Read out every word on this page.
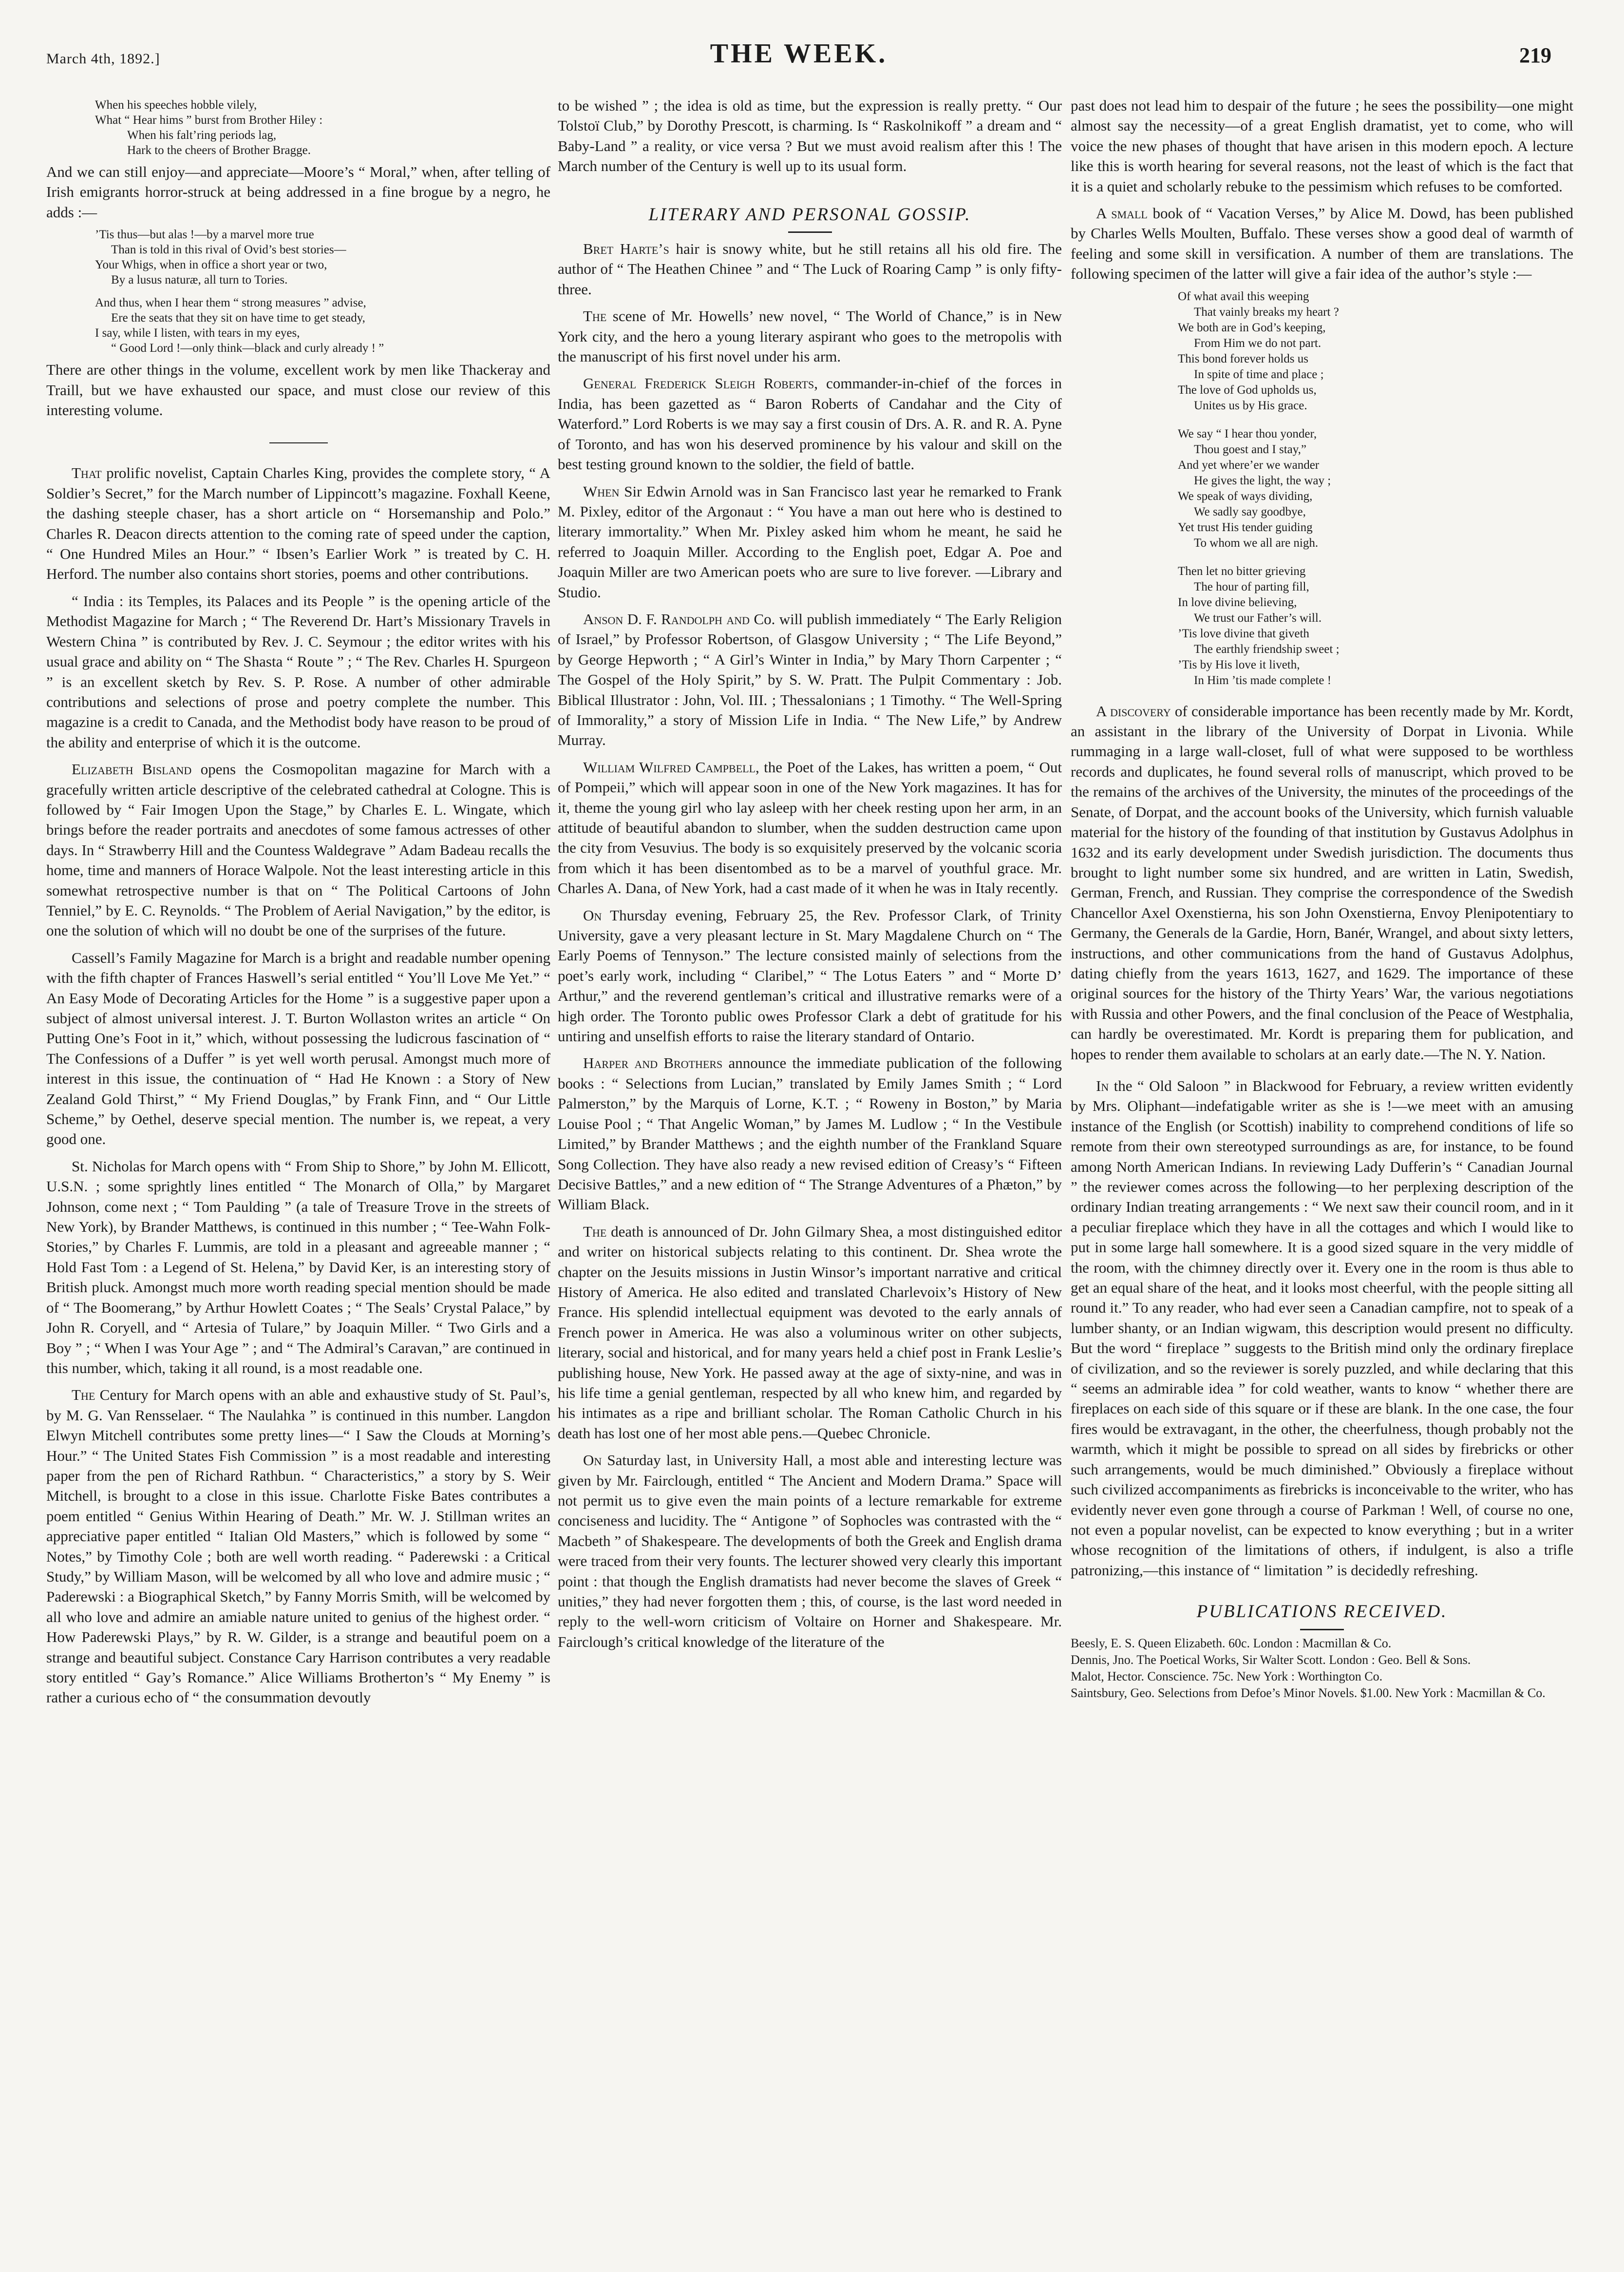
March 4th, 1892.]	THE WEEK.	219
When his speeches hobble vilely,
What “ Hear hims ” burst from Brother Hiley :
When his falt’ring periods lag,
Hark to the cheers of Brother Bragge.

And we can still enjoy—and appreciate—Moore’s “ Moral,” when, after telling of Irish emigrants horror-struck at being addressed in a fine brogue by a negro, he adds :—

’Tis thus—but alas !—by a marvel more true
Than is told in this rival of Ovid’s best stories—
Your Whigs, when in office a short year or two,
By a lusus naturæ, all turn to Tories.
And thus, when I hear them “ strong measures ” advise,
Ere the seats that they sit on have time to get steady,
I say, while I listen, with tears in my eyes,
“ Good Lord !—only think—black and curly already ! ”

There are other things in the volume, excellent work by men like Thackeray and Traill, but we have exhausted our space, and must close our review of this interesting volume.

That prolific novelist, Captain Charles King, provides the complete story, “ A Soldier’s Secret,” for the March number of Lippincott’s magazine. Foxhall Keene, the dashing steeple chaser, has a short article on “ Horsemanship and Polo.” Charles R. Deacon directs attention to the coming rate of speed under the caption, “ One Hundred Miles an Hour.” “ Ibsen’s Earlier Work ” is treated by C. H. Herford. The number also contains short stories, poems and other contributions.

“ India : its Temples, its Palaces and its People ” is the opening article of the Methodist Magazine for March ; “ The Reverend Dr. Hart’s Missionary Travels in Western China ” is contributed by Rev. J. C. Seymour ; the editor writes with his usual grace and ability on “ The Shasta “ Route ” ; “ The Rev. Charles H. Spurgeon ” is an excellent sketch by Rev. S. P. Rose. A number of other admirable contributions and selections of prose and poetry complete the number. This magazine is a credit to Canada, and the Methodist body have reason to be proud of the ability and enterprise of which it is the outcome.

Elizabeth Bisland opens the Cosmopolitan magazine for March with a gracefully written article descriptive of the celebrated cathedral at Cologne. This is followed by “ Fair Imogen Upon the Stage,” by Charles E. L. Wingate, which brings before the reader portraits and anecdotes of some famous actresses of other days. In “ Strawberry Hill and the Countess Waldegrave ” Adam Badeau recalls the home, time and manners of Horace Walpole. Not the least interesting article in this somewhat retrospective number is that on “ The Political Cartoons of John Tenniel,” by E. C. Reynolds. “ The Problem of Aerial Navigation,” by the editor, is one the solution of which will no doubt be one of the surprises of the future.

Cassell’s Family Magazine for March is a bright and readable number opening with the fifth chapter of Frances Haswell’s serial entitled “ You’ll Love Me Yet.” “ An Easy Mode of Decorating Articles for the Home ” is a suggestive paper upon a subject of almost universal interest. J. T. Burton Wollaston writes an article “ On Putting One’s Foot in it,” which, without possessing the ludicrous fascination of “ The Confessions of a Duffer ” is yet well worth perusal. Amongst much more of interest in this issue, the continuation of “ Had He Known : a Story of New Zealand Gold Thirst,” “ My Friend Douglas,” by Frank Finn, and “ Our Little Scheme,” by Oethel, deserve special mention. The number is, we repeat, a very good one.

St. Nicholas for March opens with “ From Ship to Shore,” by John M. Ellicott, U.S.N. ; some sprightly lines entitled “ The Monarch of Olla,” by Margaret Johnson, come next ; “ Tom Paulding ” (a tale of Treasure Trove in the streets of New York), by Brander Matthews, is continued in this number ; “ Tee-Wahn Folk-Stories,” by Charles F. Lummis, are told in a pleasant and agreeable manner ; “ Hold Fast Tom : a Legend of St. Helena,” by David Ker, is an interesting story of British pluck. Amongst much more worth reading special mention should be made of “ The Boomerang,” by Arthur Howlett Coates ; “ The Seals’ Crystal Palace,” by John R. Coryell, and “ Artesia of Tulare,” by Joaquin Miller. “ Two Girls and a Boy ” ; “ When I was Your Age ” ; and “ The Admiral’s Caravan,” are continued in this number, which, taking it all round, is a most readable one.

The Century for March opens with an able and exhaustive study of St. Paul’s, by M. G. Van Rensselaer. “ The Naulahka ” is continued in this number. Langdon Elwyn Mitchell contributes some pretty lines—“ I Saw the Clouds at Morning’s Hour.” “ The United States Fish Commission ” is a most readable and interesting paper from the pen of Richard Rathbun. “ Characteristics,” a story by S. Weir Mitchell, is brought to a close in this issue. Charlotte Fiske Bates contributes a poem entitled “ Genius Within Hearing of Death.” Mr. W. J. Stillman writes an appreciative paper entitled “ Italian Old Masters,” which is followed by some “ Notes,” by Timothy Cole ; both are well worth reading. “ Paderewski : a Critical Study,” by William Mason, will be welcomed by all who love and admire music ; “ Paderewski : a Biographical Sketch,” by Fanny Morris Smith, will be welcomed by all who love and admire an amiable nature united to genius of the highest order. “ How Paderewski Plays,” by R. W. Gilder, is a strange and beautiful poem on a strange and beautiful subject. Constance Cary Harrison contributes a very readable story entitled “ Gay’s Romance.” Alice Williams Brotherton’s “ My Enemy ” is rather a curious echo of “ the consummation devoutly

to be wished ” ; the idea is old as time, but the expression is really pretty. “ Our Tolstoï Club,” by Dorothy Prescott, is charming. Is “ Raskolnikoff ” a dream and “ Baby-Land ” a reality, or vice versa ? But we must avoid realism after this ! The March number of the Century is well up to its usual form.

LITERARY AND PERSONAL GOSSIP.

Bret Harte’s hair is snowy white, but he still retains all his old fire. The author of “ The Heathen Chinee ” and “ The Luck of Roaring Camp ” is only fifty-three.

The scene of Mr. Howells’ new novel, “ The World of Chance,” is in New York city, and the hero a young literary aspirant who goes to the metropolis with the manuscript of his first novel under his arm.

General Frederick Sleigh Roberts, commander-in-chief of the forces in India, has been gazetted as “ Baron Roberts of Candahar and the City of Waterford.” Lord Roberts is we may say a first cousin of Drs. A. R. and R. A. Pyne of Toronto, and has won his deserved prominence by his valour and skill on the best testing ground known to the soldier, the field of battle.

When Sir Edwin Arnold was in San Francisco last year he remarked to Frank M. Pixley, editor of the Argonaut : “ You have a man out here who is destined to literary immortality.” When Mr. Pixley asked him whom he meant, he said he referred to Joaquin Miller. According to the English poet, Edgar A. Poe and Joaquin Miller are two American poets who are sure to live forever. —Library and Studio.

Anson D. F. Randolph and Co. will publish immediately “ The Early Religion of Israel,” by Professor Robertson, of Glasgow University ; “ The Life Beyond,” by George Hepworth ; “ A Girl’s Winter in India,” by Mary Thorn Carpenter ; “ The Gospel of the Holy Spirit,” by S. W. Pratt. The Pulpit Commentary : Job. Biblical Illustrator : John, Vol. III. ; Thessalonians ; 1 Timothy. “ The Well-Spring of Immorality,” a story of Mission Life in India. “ The New Life,” by Andrew Murray.

William Wilfred Campbell, the Poet of the Lakes, has written a poem, “ Out of Pompeii,” which will appear soon in one of the New York magazines. It has for it, theme the young girl who lay asleep with her cheek resting upon her arm, in an attitude of beautiful abandon to slumber, when the sudden destruction came upon the city from Vesuvius. The body is so exquisitely preserved by the volcanic scoria from which it has been disentombed as to be a marvel of youthful grace. Mr. Charles A. Dana, of New York, had a cast made of it when he was in Italy recently.

On Thursday evening, February 25, the Rev. Professor Clark, of Trinity University, gave a very pleasant lecture in St. Mary Magdalene Church on “ The Early Poems of Tennyson.” The lecture consisted mainly of selections from the poet’s early work, including “ Claribel,” “ The Lotus Eaters ” and “ Morte D’ Arthur,” and the reverend gentleman’s critical and illustrative remarks were of a high order. The Toronto public owes Professor Clark a debt of gratitude for his untiring and unselfish efforts to raise the literary standard of Ontario.

Harper and Brothers announce the immediate publication of the following books : “ Selections from Lucian,” translated by Emily James Smith ; “ Lord Palmerston,” by the Marquis of Lorne, K.T. ; “ Roweny in Boston,” by Maria Louise Pool ; “ That Angelic Woman,” by James M. Ludlow ; “ In the Vestibule Limited,” by Brander Matthews ; and the eighth number of the Frankland Square Song Collection. They have also ready a new revised edition of Creasy’s “ Fifteen Decisive Battles,” and a new edition of “ The Strange Adventures of a Phæton,” by William Black.

The death is announced of Dr. John Gilmary Shea, a most distinguished editor and writer on historical subjects relating to this continent. Dr. Shea wrote the chapter on the Jesuits missions in Justin Winsor’s important narrative and critical History of America. He also edited and translated Charlevoix’s History of New France. His splendid intellectual equipment was devoted to the early annals of French power in America. He was also a voluminous writer on other subjects, literary, social and historical, and for many years held a chief post in Frank Leslie’s publishing house, New York. He passed away at the age of sixty-nine, and was in his life time a genial gentleman, respected by all who knew him, and regarded by his intimates as a ripe and brilliant scholar. The Roman Catholic Church in his death has lost one of her most able pens.—Quebec Chronicle.

On Saturday last, in University Hall, a most able and interesting lecture was given by Mr. Fairclough, entitled “ The Ancient and Modern Drama.” Space will not permit us to give even the main points of a lecture remarkable for extreme conciseness and lucidity. The “ Antigone ” of Sophocles was contrasted with the “ Macbeth ” of Shakespeare. The developments of both the Greek and English drama were traced from their very founts. The lecturer showed very clearly this important point : that though the English dramatists had never become the slaves of Greek “ unities,” they had never forgotten them ; this, of course, is the last word needed in reply to the well-worn criticism of Voltaire on Horner and Shakespeare. Mr. Fairclough’s critical knowledge of the literature of the

past does not lead him to despair of the future ; he sees the possibility—one might almost say the necessity—of a great English dramatist, yet to come, who will voice the new phases of thought that have arisen in this modern epoch. A lecture like this is worth hearing for several reasons, not the least of which is the fact that it is a quiet and scholarly rebuke to the pessimism which refuses to be comforted.

A small book of “ Vacation Verses,” by Alice M. Dowd, has been published by Charles Wells Moulten, Buffalo. These verses show a good deal of warmth of feeling and some skill in versification. A number of them are translations. The following specimen of the latter will give a fair idea of the author’s style :—

Of what avail this weeping
That vainly breaks my heart ?
We both are in God’s keeping,
From Him we do not part.
This bond forever holds us
In spite of time and place ;
The love of God upholds us,
Unites us by His grace.
We say “ I hear thou yonder,
Thou goest and I stay,”
And yet where’er we wander
He gives the light, the way ;
We speak of ways dividing,
We sadly say goodbye,
Yet trust His tender guiding
To whom we all are nigh.
Then let no bitter grieving
The hour of parting fill,
In love divine believing,
We trust our Father’s will.
’Tis love divine that giveth
The earthly friendship sweet ;
’Tis by His love it liveth,
In Him ’tis made complete !

A discovery of considerable importance has been recently made by Mr. Kordt, an assistant in the library of the University of Dorpat in Livonia. While rummaging in a large wall-closet, full of what were supposed to be worthless records and duplicates, he found several rolls of manuscript, which proved to be the remains of the archives of the University, the minutes of the proceedings of the Senate, of Dorpat, and the account books of the University, which furnish valuable material for the history of the founding of that institution by Gustavus Adolphus in 1632 and its early development under Swedish jurisdiction. The documents thus brought to light number some six hundred, and are written in Latin, Swedish, German, French, and Russian. They comprise the correspondence of the Swedish Chancellor Axel Oxenstierna, his son John Oxenstierna, Envoy Plenipotentiary to Germany, the Generals de la Gardie, Horn, Banér, Wrangel, and about sixty letters, instructions, and other communications from the hand of Gustavus Adolphus, dating chiefly from the years 1613, 1627, and 1629. The importance of these original sources for the history of the Thirty Years’ War, the various negotiations with Russia and other Powers, and the final conclusion of the Peace of Westphalia, can hardly be overestimated. Mr. Kordt is preparing them for publication, and hopes to render them available to scholars at an early date.—The N. Y. Nation.

In the “ Old Saloon ” in Blackwood for February, a review written evidently by Mrs. Oliphant—indefatigable writer as she is !—we meet with an amusing instance of the English (or Scottish) inability to comprehend conditions of life so remote from their own stereotyped surroundings as are, for instance, to be found among North American Indians. In reviewing Lady Dufferin’s “ Canadian Journal ” the reviewer comes across the following—to her perplexing description of the ordinary Indian treating arrangements : “ We next saw their council room, and in it a peculiar fireplace which they have in all the cottages and which I would like to put in some large hall somewhere. It is a good sized square in the very middle of the room, with the chimney directly over it. Every one in the room is thus able to get an equal share of the heat, and it looks most cheerful, with the people sitting all round it.” To any reader, who had ever seen a Canadian campfire, not to speak of a lumber shanty, or an Indian wigwam, this description would present no difficulty. But the word “ fireplace ” suggests to the British mind only the ordinary fireplace of civilization, and so the reviewer is sorely puzzled, and while declaring that this “ seems an admirable idea ” for cold weather, wants to know “ whether there are fireplaces on each side of this square or if these are blank. In the one case, the four fires would be extravagant, in the other, the cheerfulness, though probably not the warmth, which it might be possible to spread on all sides by firebricks or other such arrangements, would be much diminished.” Obviously a fireplace without such civilized accompaniments as firebricks is inconceivable to the writer, who has evidently never even gone through a course of Parkman ! Well, of course no one, not even a popular novelist, can be expected to know everything ; but in a writer whose recognition of the limitations of others, if indulgent, is also a trifle patronizing,—this instance of “ limitation ” is decidedly refreshing.

PUBLICATIONS RECEIVED.
Beesly, E. S. Queen Elizabeth. 60c. London : Macmillan & Co.
Dennis, Jno. The Poetical Works, Sir Walter Scott. London : Geo. Bell & Sons.
Malot, Hector. Conscience. 75c. New York : Worthington Co.
Saintsbury, Geo. Selections from Defoe’s Minor Novels. $1.00. New York : Macmillan & Co.
